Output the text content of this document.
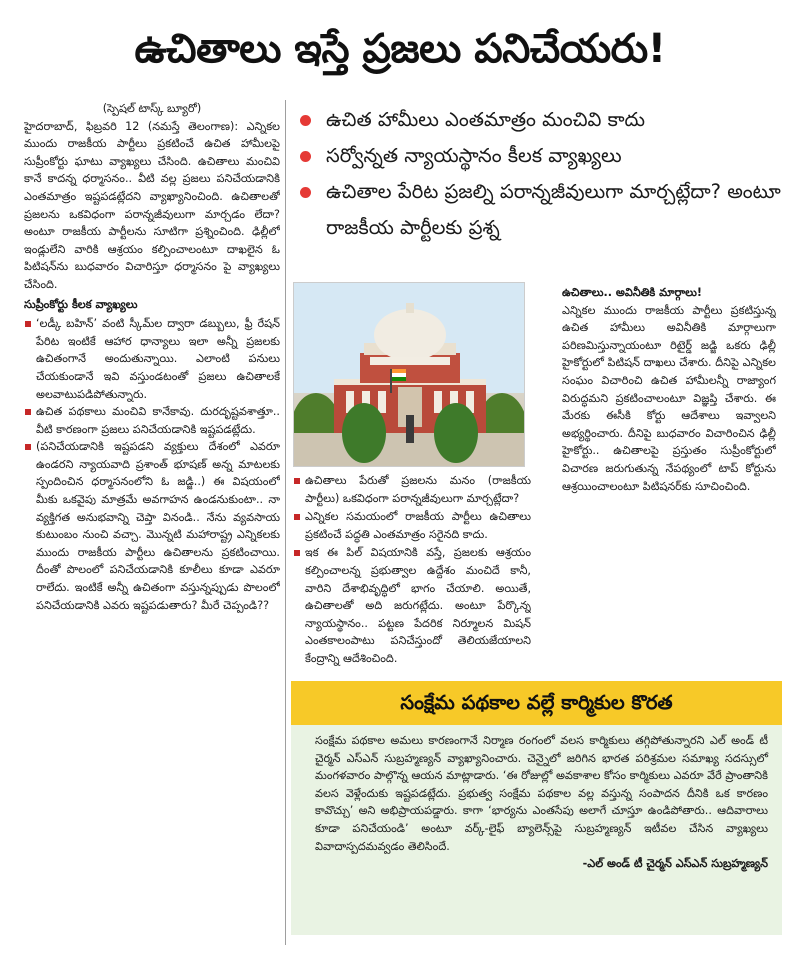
ఉచితాలు ఇస్తే ప్రజలు పనిచేయరు!

(స్పెషల్ టాస్క్ బ్యూరో)

హైదరాబాద్, ఫిబ్రవరి 12 (నమస్తే తెలంగాణ): ఎన్నికల ముందు రాజకీయ పార్టీలు ప్రకటించే ఉచిత హామీలపై సుప్రీంకోర్టు ఘాటు వ్యాఖ్యలు చేసింది. ఉచితాలు మంచివి కానే కాదన్న ధర్మాసనం.. వీటి వల్ల ప్రజలు పనిచేయడానికి ఎంతమాత్రం ఇష్టపడట్లేదని వ్యాఖ్యానించింది. ఉచితాలతో ప్రజలను ఒకవిధంగా పరాన్నజీవులుగా మార్చడం లేదా? అంటూ రాజకీయ పార్టీలను సూటిగా ప్రశ్నించింది. ఢిల్లీలో ఇండ్లులేని వారికి ఆశ్రయం కల్పించాలంటూ దాఖలైన ఓ పిటిషన్‌ను బుధవారం విచారిస్తూ ధర్మాసనం పై వ్యాఖ్యలు చేసింది.

సుప్రీంకోర్టు కీలక వ్యాఖ్యలు

‘లడ్కీ బహిన్’ వంటి స్కీమ్‌ల ద్వారా డబ్బులు, ఫ్రీ రేషన్ పేరిట ఇంటికే ఆహార ధాన్యాలు ఇలా అన్నీ ప్రజలకు ఉచితంగానే అందుతున్నాయి. ఎలాంటి పనులు చేయకుండానే ఇవి వస్తుండటంతో ప్రజలు ఉచితాలకే అలవాటుపడిపోతున్నారు.

ఉచిత పథకాలు మంచివి కానేకావు. దురదృష్టవశాత్తూ.. వీటి కారణంగా ప్రజలు పనిచేయడానికి ఇష్టపడట్లేదు.

(పనిచేయడానికి ఇష్టపడని వ్యక్తులు దేశంలో ఎవరూ ఉండరని న్యాయవాది ప్రశాంత్ భూషణ్ అన్న మాటలకు స్పందించిన ధర్మాసనంలోని ఓ జడ్జి..) ఈ విషయంలో మీకు ఒకవైపు మాత్రమే అవగాహన ఉండనుకుంటా.. నా వ్యక్తిగత అనుభవాన్ని చెప్తా వినండి.. నేను వ్యవసాయ కుటుంబం నుంచి వచ్చా. మొన్నటి మహారాష్ట్ర ఎన్నికలకు ముందు రాజకీయ పార్టీలు ఉచితాలను ప్రకటించాయి. దీంతో పొలంలో పనిచేయడానికి కూలీలు కూడా ఎవరూ రాలేదు. ఇంటికే అన్నీ ఉచితంగా వస్తున్నప్పుడు పొలంలో పనిచేయడానికి ఎవరు ఇష్టపడుతారు? మీరే చెప్పండి??

ఉచిత హామీలు ఎంతమాత్రం మంచివి కాదు
సర్వోన్నత న్యాయస్థానం కీలక వ్యాఖ్యలు
ఉచితాల పేరిట ప్రజల్ని పరాన్నజీవులుగా మార్చట్లేదా? అంటూ రాజకీయ పార్టీలకు ప్రశ్న

ఉచితాలు పేరుతో ప్రజలను మనం (రాజకీయ పార్టీలు) ఒకవిధంగా పరాన్నజీవులుగా మార్చట్లేదా?

ఎన్నికల సమయంలో రాజకీయ పార్టీలు ఉచితాలు ప్రకటించే పద్ధతి ఎంతమాత్రం సరైనది కాదు.

ఇక ఈ పిల్ విషయానికి వస్తే, ప్రజలకు ఆశ్రయం కల్పించాలన్న ప్రభుత్వాల ఉద్దేశం మంచిదే కానీ, వారిని దేశాభివృద్ధిలో భాగం చేయాలి. అయితే, ఉచితాలతో అది జరుగట్లేదు. అంటూ పేర్కొన్న న్యాయస్థానం.. పట్టణ పేదరిక నిర్మూలన మిషన్ ఎంతకాలంపాటు పనిచేస్తుందో తెలియజేయాలని కేంద్రాన్ని ఆదేశించింది.

ఉచితాలు.. అవినీతికి మార్గాలు!

ఎన్నికల ముందు రాజకీయ పార్టీలు ప్రకటిస్తున్న ఉచిత హామీలు అవినీతికి మార్గాలుగా పరిణమిస్తున్నాయంటూ రిటైర్డ్ జడ్జి ఒకరు ఢిల్లీ హైకోర్టులో పిటిషన్ దాఖలు చేశారు. దీనిపై ఎన్నికల సంఘం విచారించి ఉచిత హామీలన్నీ రాజ్యాంగ విరుద్ధమని ప్రకటించాలంటూ విజ్ఞప్తి చేశారు. ఈ మేరకు ఈసీకి కోర్టు ఆదేశాలు ఇవ్వాలని అభ్యర్థించారు. దీనిపై బుధవారం విచారించిన ఢిల్లీ హైకోర్టు.. ఉచితాలపై ప్రస్తుతం సుప్రీంకోర్టులో విచారణ జరుగుతున్న నేపథ్యంలో టాప్ కోర్టును ఆశ్రయించాలంటూ పిటిషనర్‌కు సూచించింది.

సంక్షేమ పథకాల వల్లే కార్మికుల కొరత

సంక్షేమ పథకాల అమలు కారణంగానే నిర్మాణ రంగంలో వలస కార్మికులు తగ్గిపోతున్నారని ఎల్ అండ్ టీ చైర్మన్ ఎస్‌ఎన్ సుబ్రహ్మణ్యన్ వ్యాఖ్యానించారు. చెన్నైలో జరిగిన భారత పరిశ్రమల సమాఖ్య సదస్సులో మంగళవారం పాల్గొన్న ఆయన మాట్లాడారు. ‘ఈ రోజుల్లో అవకాశాల కోసం కార్మికులు ఎవరూ వేరే ప్రాంతానికి వలస వెళ్లేందుకు ఇష్టపడట్లేదు. ప్రభుత్వ సంక్షేమ పథకాల వల్ల వస్తున్న సంపాదన దీనికి ఒక కారణం కావొచ్చు’ అని అభిప్రాయపడ్డారు. కాగా ‘భార్యను ఎంతసేపు అలాగే చూస్తూ ఉండిపోతారు.. ఆదివారాలు కూడా పనిచేయండి’ అంటూ వర్క్-లైఫ్ బ్యాలెన్స్‌పై సుబ్రహ్మణ్యన్ ఇటీవల చేసిన వ్యాఖ్యలు వివాదాస్పదమవ్వడం తెలిసిందే.

-ఎల్ అండ్ టీ చైర్మన్ ఎస్‌ఎన్ సుబ్రహ్మణ్యన్
